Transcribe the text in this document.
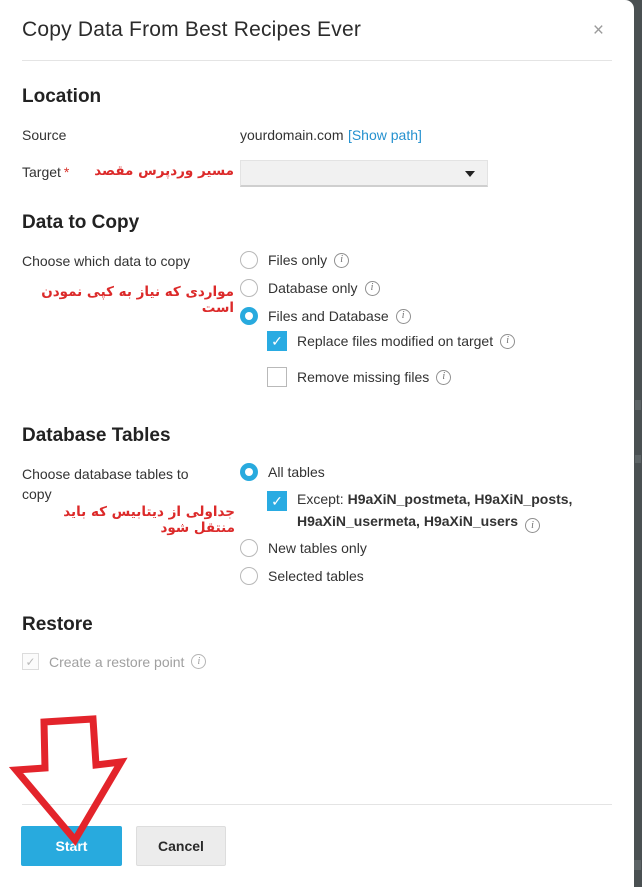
Copy Data From Best Recipes Ever	×
Location
Source	yourdomain.com [Show path]
Target *	مسیر وردپرس مقصد
Data to Copy
Choose which data to copy
مواردی که نیاز به کپی نمودن است
Files only	i
Database only	i
Files and Database	i
✓ Replace files modified on target	i
Remove missing files	i
Database Tables
Choose database tables to copy
جداولی از دیتابیس که باید منتقل شود
All tables
✓ Except: H9aXiN_postmeta, H9aXiN_posts, H9aXiN_usermeta, H9aXiN_users i
New tables only
Selected tables
Restore
✓ Create a restore point	i
Start	Cancel
